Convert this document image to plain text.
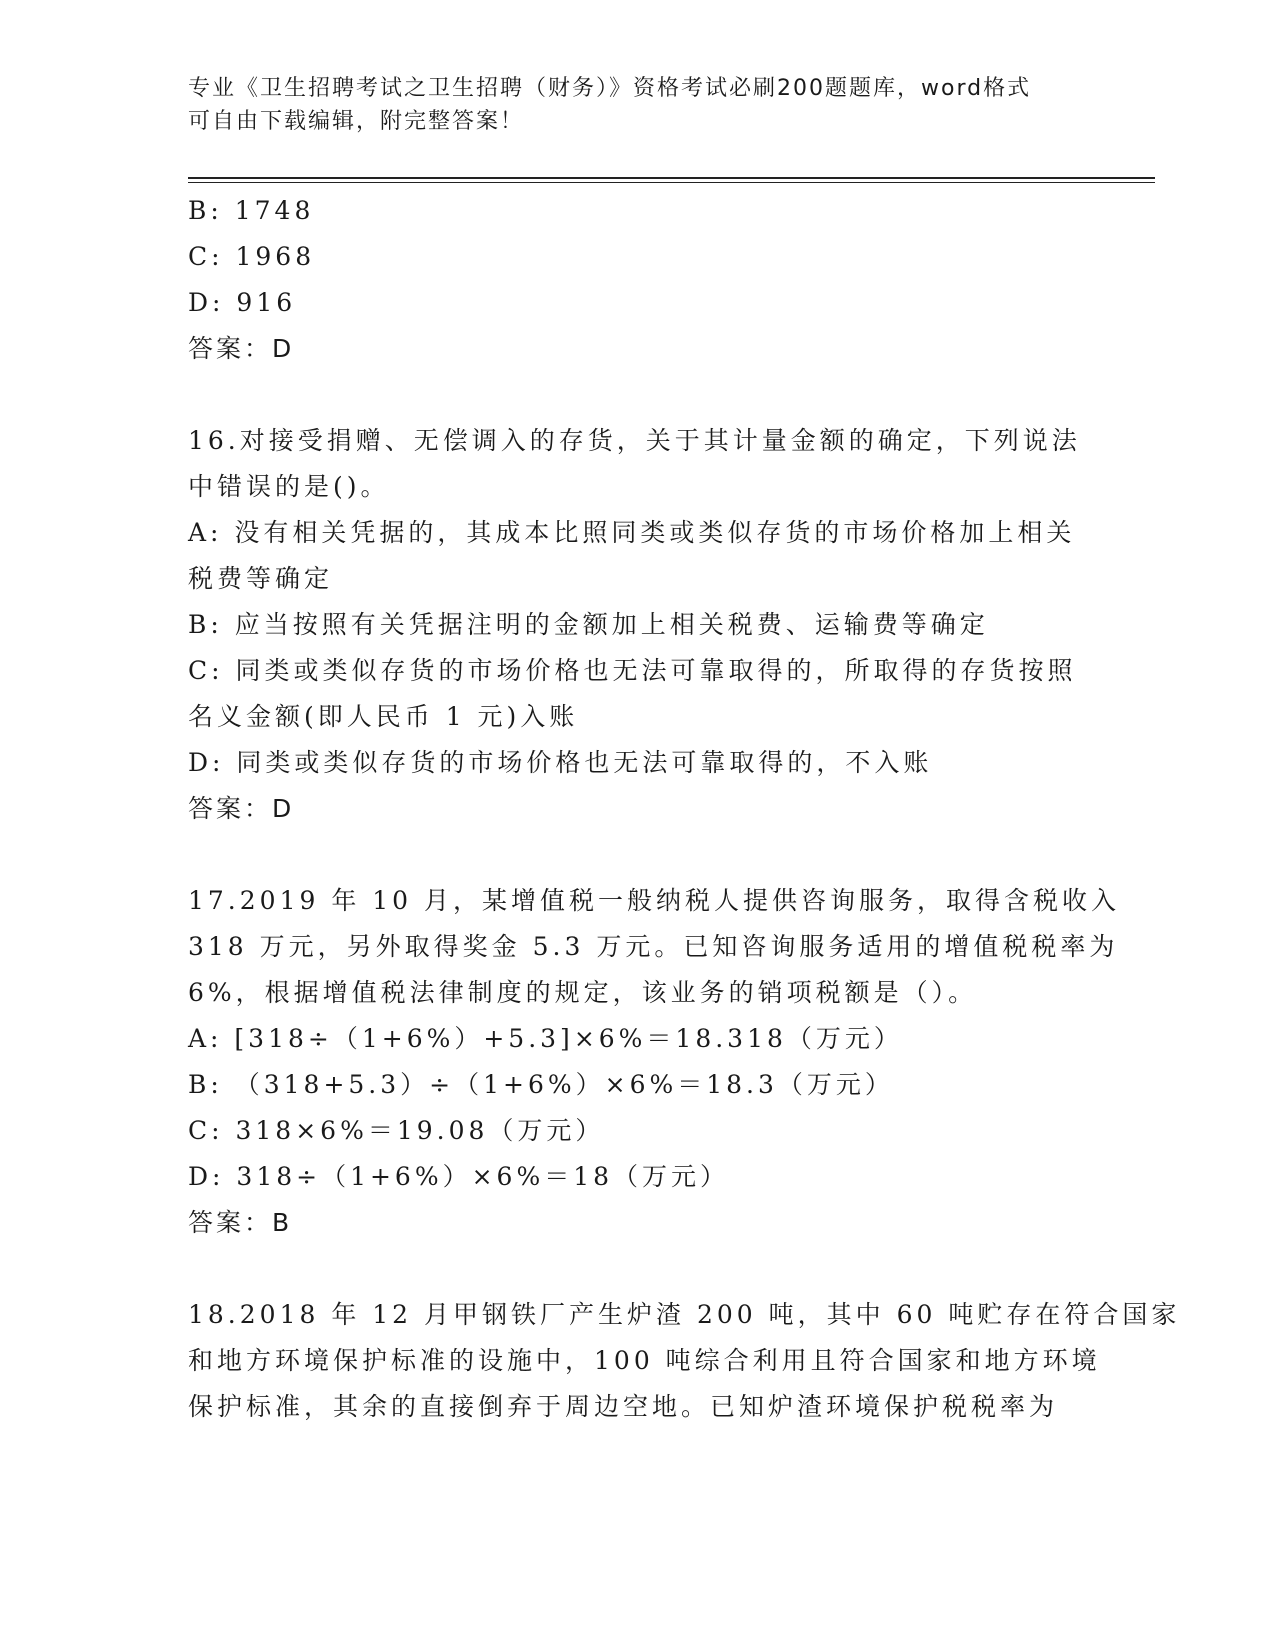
专业《卫生招聘考试之卫生招聘（财务）》资格考试必刷200题题库，word格式
可自由下载编辑，附完整答案！
B: 1748
C: 1968
D: 916
答案：D
16.对接受捐赠、无偿调入的存货，关于其计量金额的确定，下列说法
中错误的是()。
A: 没有相关凭据的，其成本比照同类或类似存货的市场价格加上相关
税费等确定
B: 应当按照有关凭据注明的金额加上相关税费、运输费等确定
C: 同类或类似存货的市场价格也无法可靠取得的，所取得的存货按照
名义金额(即人民币 1 元)入账
D: 同类或类似存货的市场价格也无法可靠取得的，不入账
答案：D
17.2019 年 10 月，某增值税一般纳税人提供咨询服务，取得含税收入
318 万元，另外取得奖金 5.3 万元。已知咨询服务适用的增值税税率为
6%，根据增值税法律制度的规定，该业务的销项税额是（）。
A: [318÷（1+6%）+5.3]×6%＝18.318（万元）
B: （318+5.3）÷（1+6%）×6%＝18.3（万元）
C: 318×6%＝19.08（万元）
D: 318÷（1+6%）×6%＝18（万元）
答案：B
18.2018 年 12 月甲钢铁厂产生炉渣 200 吨，其中 60 吨贮存在符合国家
和地方环境保护标准的设施中，100 吨综合利用且符合国家和地方环境
保护标准，其余的直接倒弃于周边空地。已知炉渣环境保护税税率为
